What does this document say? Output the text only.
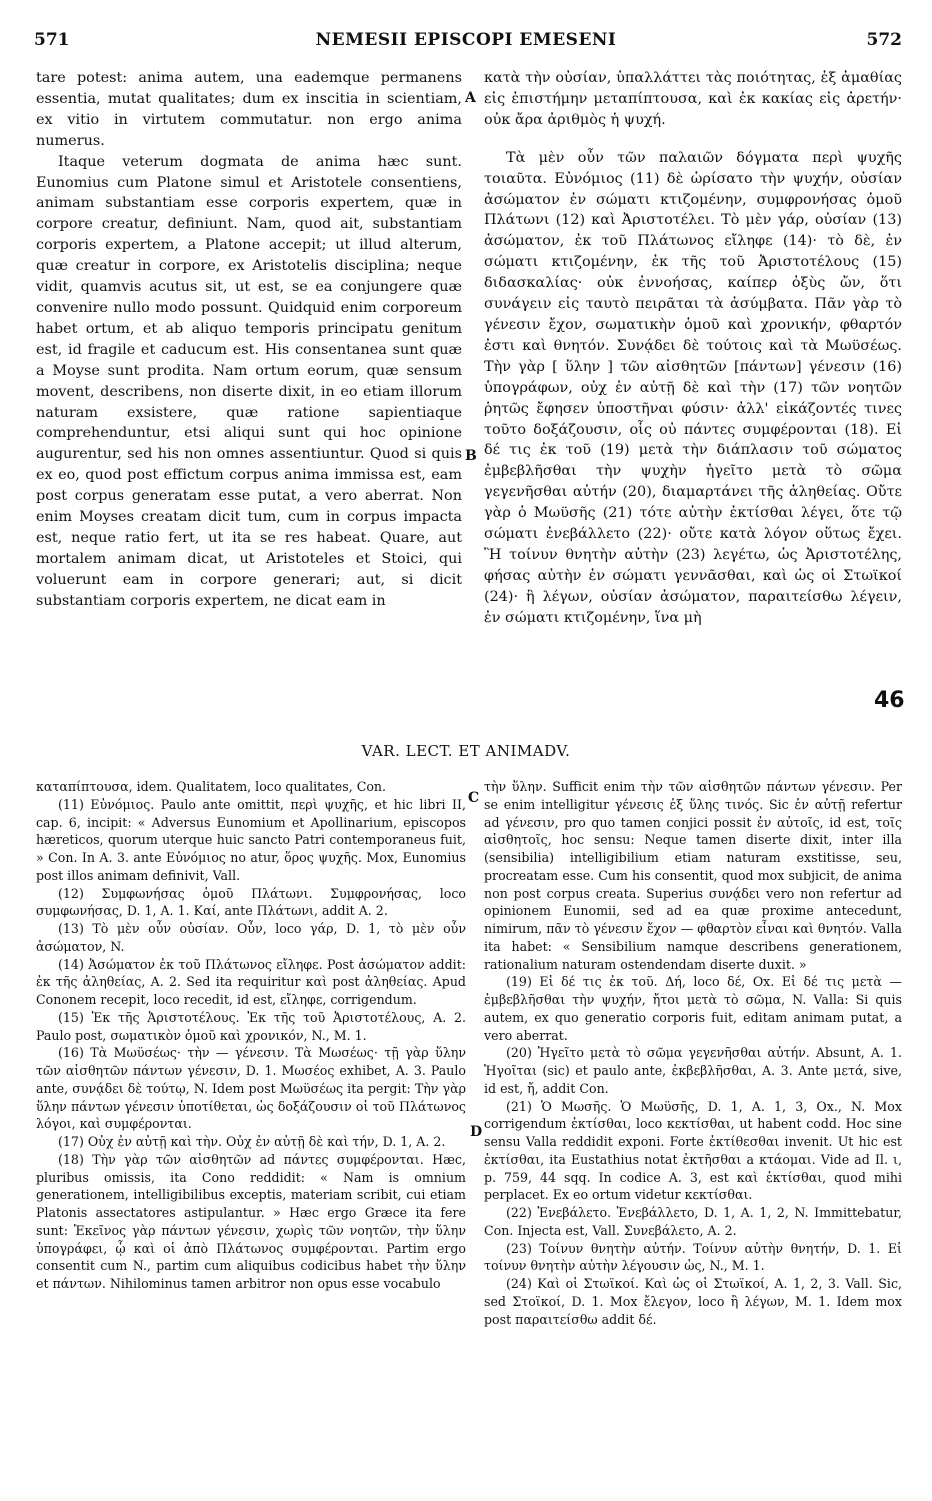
571	NEMESII EPISCOPI EMESENI	572

tare potest: anima autem, una eademque permanens essentia, mutat qualitates; dum ex inscitia in scientiam, ex vitio in virtutem commutatur. non ergo anima numerus.

Itaque veterum dogmata de anima hæc sunt. Eunomius cum Platone simul et Aristotele consentiens, animam substantiam esse corporis expertem, quæ in corpore creatur, definiunt. Nam, quod ait, substantiam corporis expertem, a Platone accepit; ut illud alterum, quæ creatur in corpore, ex Aristotelis disciplina; neque vidit, quamvis acutus sit, ut est, se ea conjungere quæ convenire nullo modo possunt. Quidquid enim corporeum habet ortum, et ab aliquo temporis principatu genitum est, id fragile et caducum est. His consentanea sunt quæ a Moyse sunt prodita. Nam ortum eorum, quæ sensum movent, describens, non diserte dixit, in eo etiam illorum naturam exsistere, quæ ratione sapientiaque comprehenduntur, etsi aliqui sunt qui hoc opinione augurentur, sed his non omnes assentiuntur. Quod si quis ex eo, quod post effictum corpus anima immissa est, eam post corpus generatam esse putat, a vero aberrat. Non enim Moyses creatam dicit tum, cum in corpus impacta est, neque ratio fert, ut ita se res habeat. Quare, aut mortalem animam dicat, ut Aristoteles et Stoici, qui voluerunt eam in corpore generari; aut, si dicit substantiam corporis expertem, ne dicat eam in

κατὰ τὴν οὐσίαν, ὑπαλλάττει τὰς ποιότητας, ἐξ ἀμαθίας εἰς ἐπιστήμην μεταπίπτουσα, καὶ ἐκ κακίας εἰς ἀρετήν· οὐκ ἄρα ἀριθμὸς ἡ ψυχή.

Τὰ μὲν οὖν τῶν παλαιῶν δόγματα περὶ ψυχῆς τοιαῦτα. Εὐνόμιος (11) δὲ ὡρίσατο τὴν ψυχήν, οὐσίαν ἀσώματον ἐν σώματι κτιζομένην, συμφρονήσας ὁμοῦ Πλάτωνι (12) καὶ Ἀριστοτέλει. Τὸ μὲν γάρ, οὐσίαν (13) ἀσώματον, ἐκ τοῦ Πλάτωνος εἴληφε (14)· τὸ δὲ, ἐν σώματι κτιζομένην, ἐκ τῆς τοῦ Ἀριστοτέλους (15) διδασκαλίας· οὐκ ἐννοήσας, καίπερ ὀξὺς ὤν, ὅτι συνάγειν εἰς ταυτὸ πειρᾶται τὰ ἀσύμβατα. Πᾶν γὰρ τὸ γένεσιν ἔχον, σωματικὴν ὁμοῦ καὶ χρονικήν, φθαρτόν ἐστι καὶ θνητόν. Συνᾴδει δὲ τούτοις καὶ τὰ Μωϋσέως. Τὴν γὰρ [ ὕλην ] τῶν αἰσθητῶν [πάντων] γένεσιν (16) ὑπογράφων, οὐχ ἐν αὐτῇ δὲ καὶ τὴν (17) τῶν νοητῶν ῥητῶς ἔφησεν ὑποστῆναι φύσιν· ἀλλ' εἰκάζοντές τινες τοῦτο δοξάζουσιν, οἷς οὐ πάντες συμφέρονται (18). Εἰ δέ τις ἐκ τοῦ (19) μετὰ τὴν διάπλασιν τοῦ σώματος ἐμβεβλῆσθαι τὴν ψυχὴν ἡγεῖτο μετὰ τὸ σῶμα γεγενῆσθαι αὐτήν (20), διαμαρτάνει τῆς ἀληθείας. Οὔτε γὰρ ὁ Μωϋσῆς (21) τότε αὐτὴν ἐκτίσθαι λέγει, ὅτε τῷ σώματι ἐνεβάλλετο (22)· οὔτε κατὰ λόγον οὕτως ἔχει. Ἢ τοίνυν θνητὴν αὐτὴν (23) λεγέτω, ὡς Ἀριστοτέλης, φήσας αὐτὴν ἐν σώματι γεννᾶσθαι, καὶ ὡς οἱ Στωϊκοί (24)· ἢ λέγων, οὐσίαν ἀσώματον, παραιτείσθω λέγειν, ἐν σώματι κτιζομένην, ἵνα μὴ

A
B
C
D
46
VAR. LECT. ET ANIMADV.

καταπίπτουσα, idem. Qualitatem, loco qualitates, Con.

(11) Εὐνόμιος. Paulo ante omittit, περὶ ψυχῆς, et hic libri II, cap. 6, incipit: « Adversus Eunomium et Apollinarium, episcopos hæreticos, quorum uterque huic sancto Patri contemporaneus fuit, » Con. In A. 3. ante Εὐνόμιος no atur, ὅρος ψυχῆς. Mox, Eunomius post illos animam definivit, Vall.

(12) Συμφωνήσας ὁμοῦ Πλάτωνι. Συμφρονήσας, loco συμφωνήσας, D. 1, A. 1. Καί, ante Πλάτωνι, addit A. 2.

(13) Τὸ μὲν οὖν οὐσίαν. Οὖν, loco γάρ, D. 1, τὸ μὲν οὖν ἀσώματον, N.

(14) Ἀσώματον ἐκ τοῦ Πλάτωνος εἴληφε. Post ἀσώματον addit: ἐκ τῆς ἀληθείας, A. 2. Sed ita requiritur καὶ post ἀληθείας. Apud Cononem recepit, loco recedit, id est, εἴληφε, corrigendum.

(15) Ἐκ τῆς Ἀριστοτέλους. Ἐκ τῆς τοῦ Ἀριστοτέλους, A. 2. Paulo post, σωματικὸν ὁμοῦ καὶ χρονικόν, N., M. 1.

(16) Τὰ Μωϋσέως· τὴν — γένεσιν. Τὰ Μωσέως· τῇ γὰρ ὕλην τῶν αἰσθητῶν πάντων γένεσιν, D. 1. Μωσέος exhibet, A. 3. Paulo ante, συνᾴδει δὲ τούτῳ, N. Idem post Μωϋσέως ita pergit: Τὴν γὰρ ὕλην πάντων γένεσιν ὑποτίθεται, ὡς δοξάζουσιν οἱ τοῦ Πλάτωνος λόγοι, καὶ συμφέρονται.

(17) Οὐχ ἐν αὐτῇ καὶ τὴν. Οὐχ ἐν αὐτῇ δὲ καὶ τήν, D. 1, A. 2.

(18) Τὴν γὰρ τῶν αἰσθητῶν ad πάντες συμφέρονται. Hæc, pluribus omissis, ita Cono reddidit: « Nam is omnium generationem, intelligibilibus exceptis, materiam scribit, cui etiam Platonis assectatores astipulantur. » Hæc ergo Græce ita fere sunt: Ἐκεῖνος γὰρ πάντων γένεσιν, χωρὶς τῶν νοητῶν, τὴν ὕλην ὑπογράφει, ᾧ καὶ οἱ ἀπὸ Πλάτωνος συμφέρονται. Partim ergo consentit cum N., partim cum aliquibus codicibus habet τὴν ὕλην et πάντων. Nihilominus tamen arbitror non opus esse vocabulo

τὴν ὕλην. Sufficit enim τὴν τῶν αἰσθητῶν πάντων γένεσιν. Per se enim intelligitur γένεσις ἐξ ὕλης τινός. Sic ἐν αὐτῇ refertur ad γένεσιν, pro quo tamen conjici possit ἐν αὐτοῖς, id est, τοῖς αἰσθητοῖς, hoc sensu: Neque tamen diserte dixit, inter illa (sensibilia) intelligibilium etiam naturam exstitisse, seu, procreatam esse. Cum his consentit, quod mox subjicit, de anima non post corpus creata. Superius συνᾴδει vero non refertur ad opinionem Eunomii, sed ad ea quæ proxime antecedunt, nimirum, πᾶν τὸ γένεσιν ἔχον — φθαρτὸν εἶναι καὶ θνητόν. Valla ita habet: « Sensibilium namque describens generationem, rationalium naturam ostendendam diserte duxit. »

(19) Εἰ δέ τις ἐκ τοῦ. Δή, loco δέ, Ox. Εἰ δέ τις μετὰ — ἐμβεβλῆσθαι τὴν ψυχήν, ἤτοι μετὰ τὸ σῶμα, N. Valla: Si quis autem, ex quo generatio corporis fuit, editam animam putat, a vero aberrat.

(20) Ἡγεῖτο μετὰ τὸ σῶμα γεγενῆσθαι αὐτήν. Absunt, A. 1. Ἡγοῖται (sic) et paulo ante, ἐκβεβλῆσθαι, A. 3. Ante μετά, sive, id est, ἤ, addit Con.

(21) Ὁ Μωσῆς. Ὁ Μωϋσῆς, D. 1, A. 1, 3, Ox., N. Mox corrigendum ἐκτίσθαι, loco κεκτίσθαι, ut habent codd. Hoc sine sensu Valla reddidit exponi. Forte ἐκτίθεσθαι invenit. Ut hic est ἐκτίσθαι, ita Eustathius notat ἐκτῆσθαι a κτάομαι. Vide ad Il. ι, p. 759, 44 sqq. In codice A. 3, est καὶ ἐκτίσθαι, quod mihi perplacet. Ex eo ortum videtur κεκτίσθαι.

(22) Ἐνεβάλετο. Ἐνεβάλλετο, D. 1, A. 1, 2, N. Immittebatur, Con. Injecta est, Vall. Συνεβάλετο, A. 2.

(23) Τοίνυν θνητὴν αὐτήν. Τοίνυν αὐτὴν θνητήν, D. 1. Εἰ τοίνυν θνητὴν αὐτὴν λέγουσιν ὡς, N., M. 1.

(24) Καὶ οἱ Στωϊκοί. Καὶ ὡς οἱ Στωϊκοί, A. 1, 2, 3. Vall. Sic, sed Στοϊκοί, D. 1. Mox ἔλεγον, loco ἢ λέγων, M. 1. Idem mox post παραιτείσθω addit δέ.
